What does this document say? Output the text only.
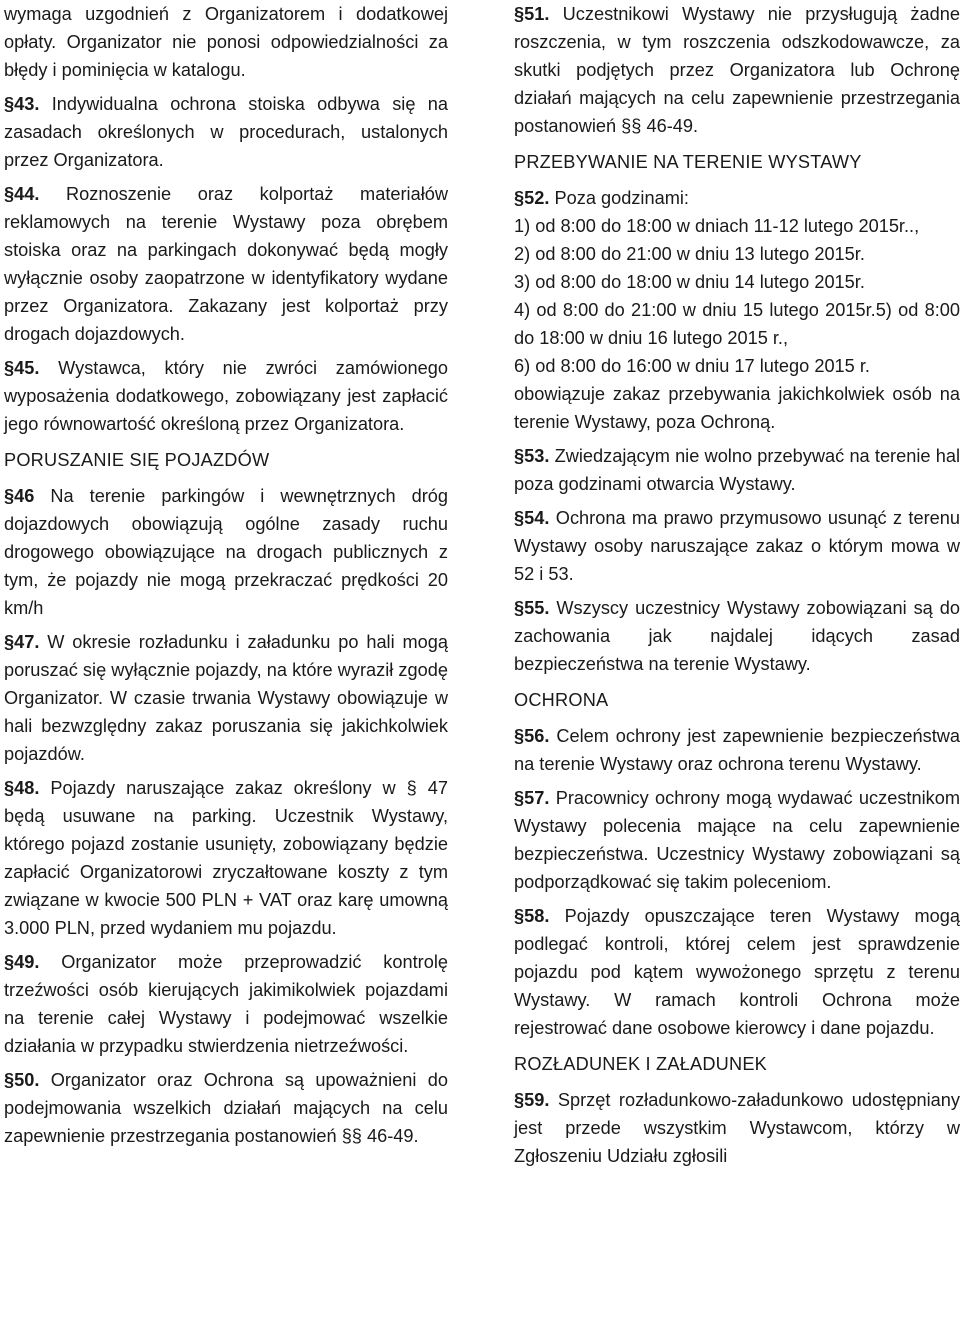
wymaga uzgodnień z Organizatorem i dodatkowej opłaty. Organizator nie ponosi odpowiedzialności za błędy i pominięcia w katalogu.

§43. Indywidualna ochrona stoiska odbywa się na zasadach określonych w procedurach, ustalonych przez Organizatora.

§44. Roznoszenie oraz kolportaż materiałów reklamowych na terenie Wystawy poza obrębem stoiska oraz na parkingach dokonywać będą mogły wyłącznie osoby zaopatrzone w identyfikatory wydane przez Organizatora. Zakazany jest kolportaż przy drogach dojazdowych.

§45. Wystawca, który nie zwróci zamówionego wyposażenia dodatkowego, zobowiązany jest zapłacić jego równowartość określoną przez Organizatora.

PORUSZANIE SIĘ POJAZDÓW

§46 Na terenie parkingów i wewnętrznych dróg dojazdowych obowiązują ogólne zasady ruchu drogowego obowiązujące na drogach publicznych z tym, że pojazdy nie mogą przekraczać prędkości 20 km/h

§47. W okresie rozładunku i załadunku po hali mogą poruszać się wyłącznie pojazdy, na które wyraził zgodę Organizator. W czasie trwania Wystawy obowiązuje w hali bezwzględny zakaz poruszania się jakichkolwiek pojazdów.

§48. Pojazdy naruszające zakaz określony w § 47 będą usuwane na parking. Uczestnik Wystawy, którego pojazd zostanie usunięty, zobowiązany będzie zapłacić Organizatorowi zryczałtowane koszty z tym związane w kwocie 500 PLN + VAT oraz karę umowną 3.000 PLN, przed wydaniem mu pojazdu.

§49. Organizator może przeprowadzić kontrolę trzeźwości osób kierujących jakimikolwiek pojazdami na terenie całej Wystawy i podejmować wszelkie działania w przypadku stwierdzenia nietrzeźwości.

§50. Organizator oraz Ochrona są upoważnieni do podejmowania wszelkich działań mających na celu zapewnienie przestrzegania postanowień §§ 46-49.

§51. Uczestnikowi Wystawy nie przysługują żadne roszczenia, w tym roszczenia odszkodowawcze, za skutki podjętych przez Organizatora lub Ochronę działań mających na celu zapewnienie przestrzegania postanowień §§ 46-49.

PRZEBYWANIE NA TERENIE WYSTAWY

§52. Poza godzinami:

1) od 8:00 do 18:00 w dniach 11-12 lutego 2015r..,

2) od 8:00 do 21:00 w dniu 13 lutego 2015r.

3) od 8:00 do 18:00 w dniu 14 lutego 2015r.

4) od 8:00 do 21:00 w dniu 15 lutego 2015r.5) od 8:00 do 18:00 w dniu 16 lutego 2015 r.,

6) od 8:00 do 16:00 w dniu 17 lutego 2015 r.

obowiązuje zakaz przebywania jakichkolwiek osób na terenie Wystawy, poza Ochroną.

§53. Zwiedzającym nie wolno przebywać na terenie hal poza godzinami otwarcia Wystawy.

§54. Ochrona ma prawo przymusowo usunąć z terenu Wystawy osoby naruszające zakaz o którym mowa w 52 i 53.

§55. Wszyscy uczestnicy Wystawy zobowiązani są do zachowania jak najdalej idących zasad bezpieczeństwa na terenie Wystawy.

OCHRONA

§56. Celem ochrony jest zapewnienie bezpieczeństwa na terenie Wystawy oraz ochrona terenu Wystawy.

§57. Pracownicy ochrony mogą wydawać uczestnikom Wystawy polecenia mające na celu zapewnienie bezpieczeństwa. Uczestnicy Wystawy zobowiązani są podporządkować się takim poleceniom.

§58. Pojazdy opuszczające teren Wystawy mogą podlegać kontroli, której celem jest sprawdzenie pojazdu pod kątem wywożonego sprzętu z terenu Wystawy. W ramach kontroli Ochrona może rejestrować dane osobowe kierowcy i dane pojazdu.

ROZŁADUNEK I ZAŁADUNEK

§59. Sprzęt rozładunkowo-załadunkowo udostępniany jest przede wszystkim Wystawcom, którzy w Zgłoszeniu Udziału zgłosili
